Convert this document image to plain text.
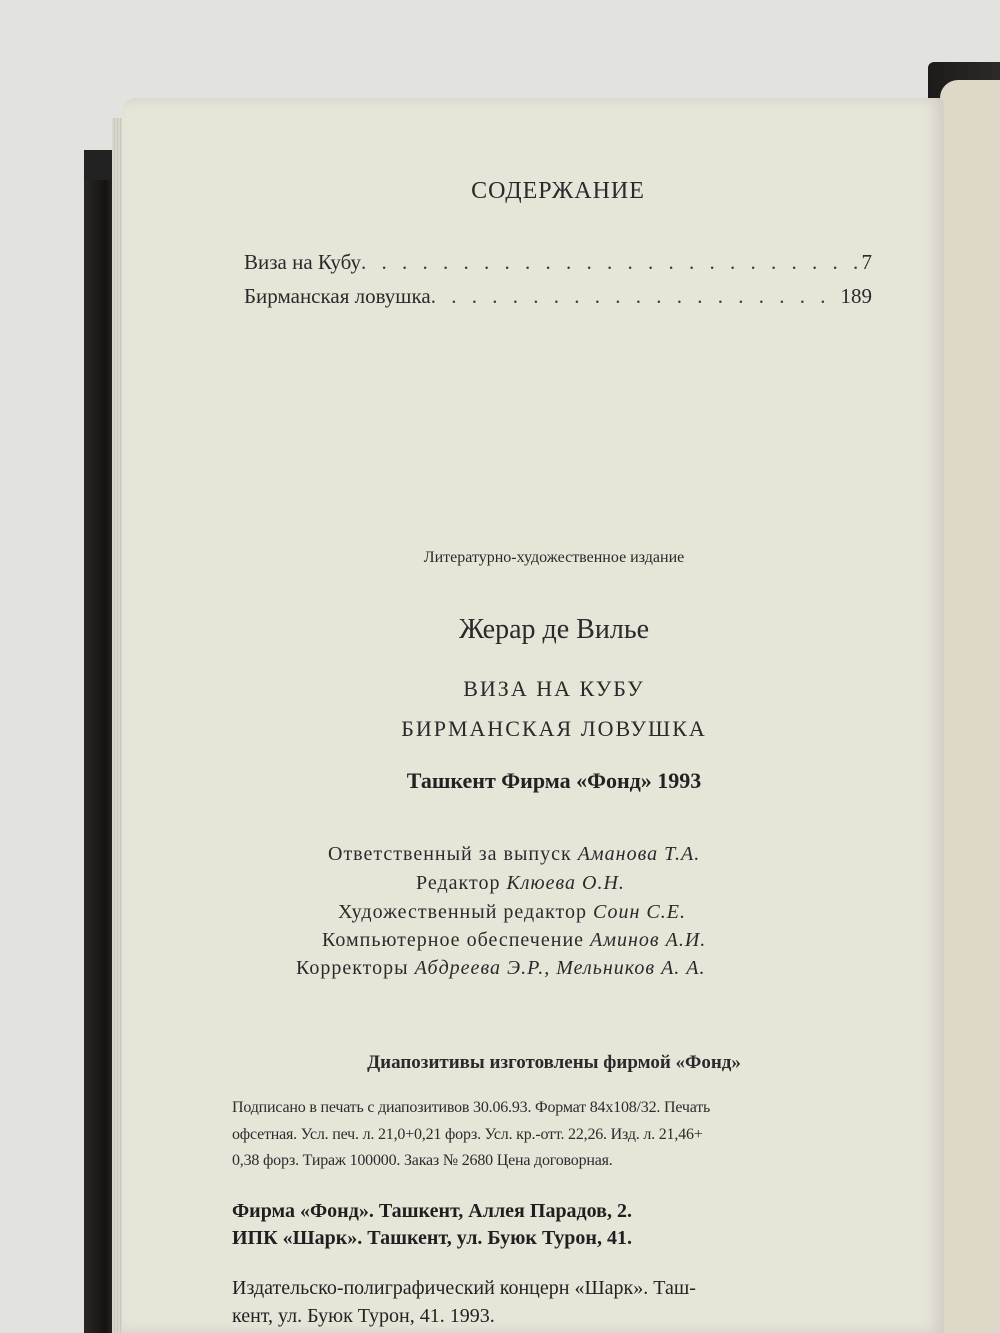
СОДЕРЖАНИЕ
Виза на Кубу . . .	7
Бирманская ловушка . . .	189
Литературно-художественное издание
Жерар де Вилье
ВИЗА НА КУБУ
БИРМАНСКАЯ ЛОВУШКА
Ташкент Фирма «Фонд» 1993
Ответственный за выпуск Аманова Т.А.
Редактор Клюева О.Н.
Художественный редактор Соин С.Е.
Компьютерное обеспечение Аминов А.И.
Корректоры Абдреева Э.Р., Мельников А. А.
Диапозитивы изготовлены фирмой «Фонд»
Подписано в печать с диапозитивов 30.06.93. Формат 84х108/32. Печать
офсетная. Усл. печ. л. 21,0+0,21 форз. Усл. кр.-отт. 22,26. Изд. л. 21,46+
0,38 форз. Тираж 100000. Заказ № 2680 Цена договорная.
Фирма «Фонд». Ташкент, Аллея Парадов, 2.
ИПК «Шарк». Ташкент, ул. Буюк Турон, 41.
Издательско-полиграфический концерн «Шарк». Таш-
кент, ул. Буюк Турон, 41. 1993.
